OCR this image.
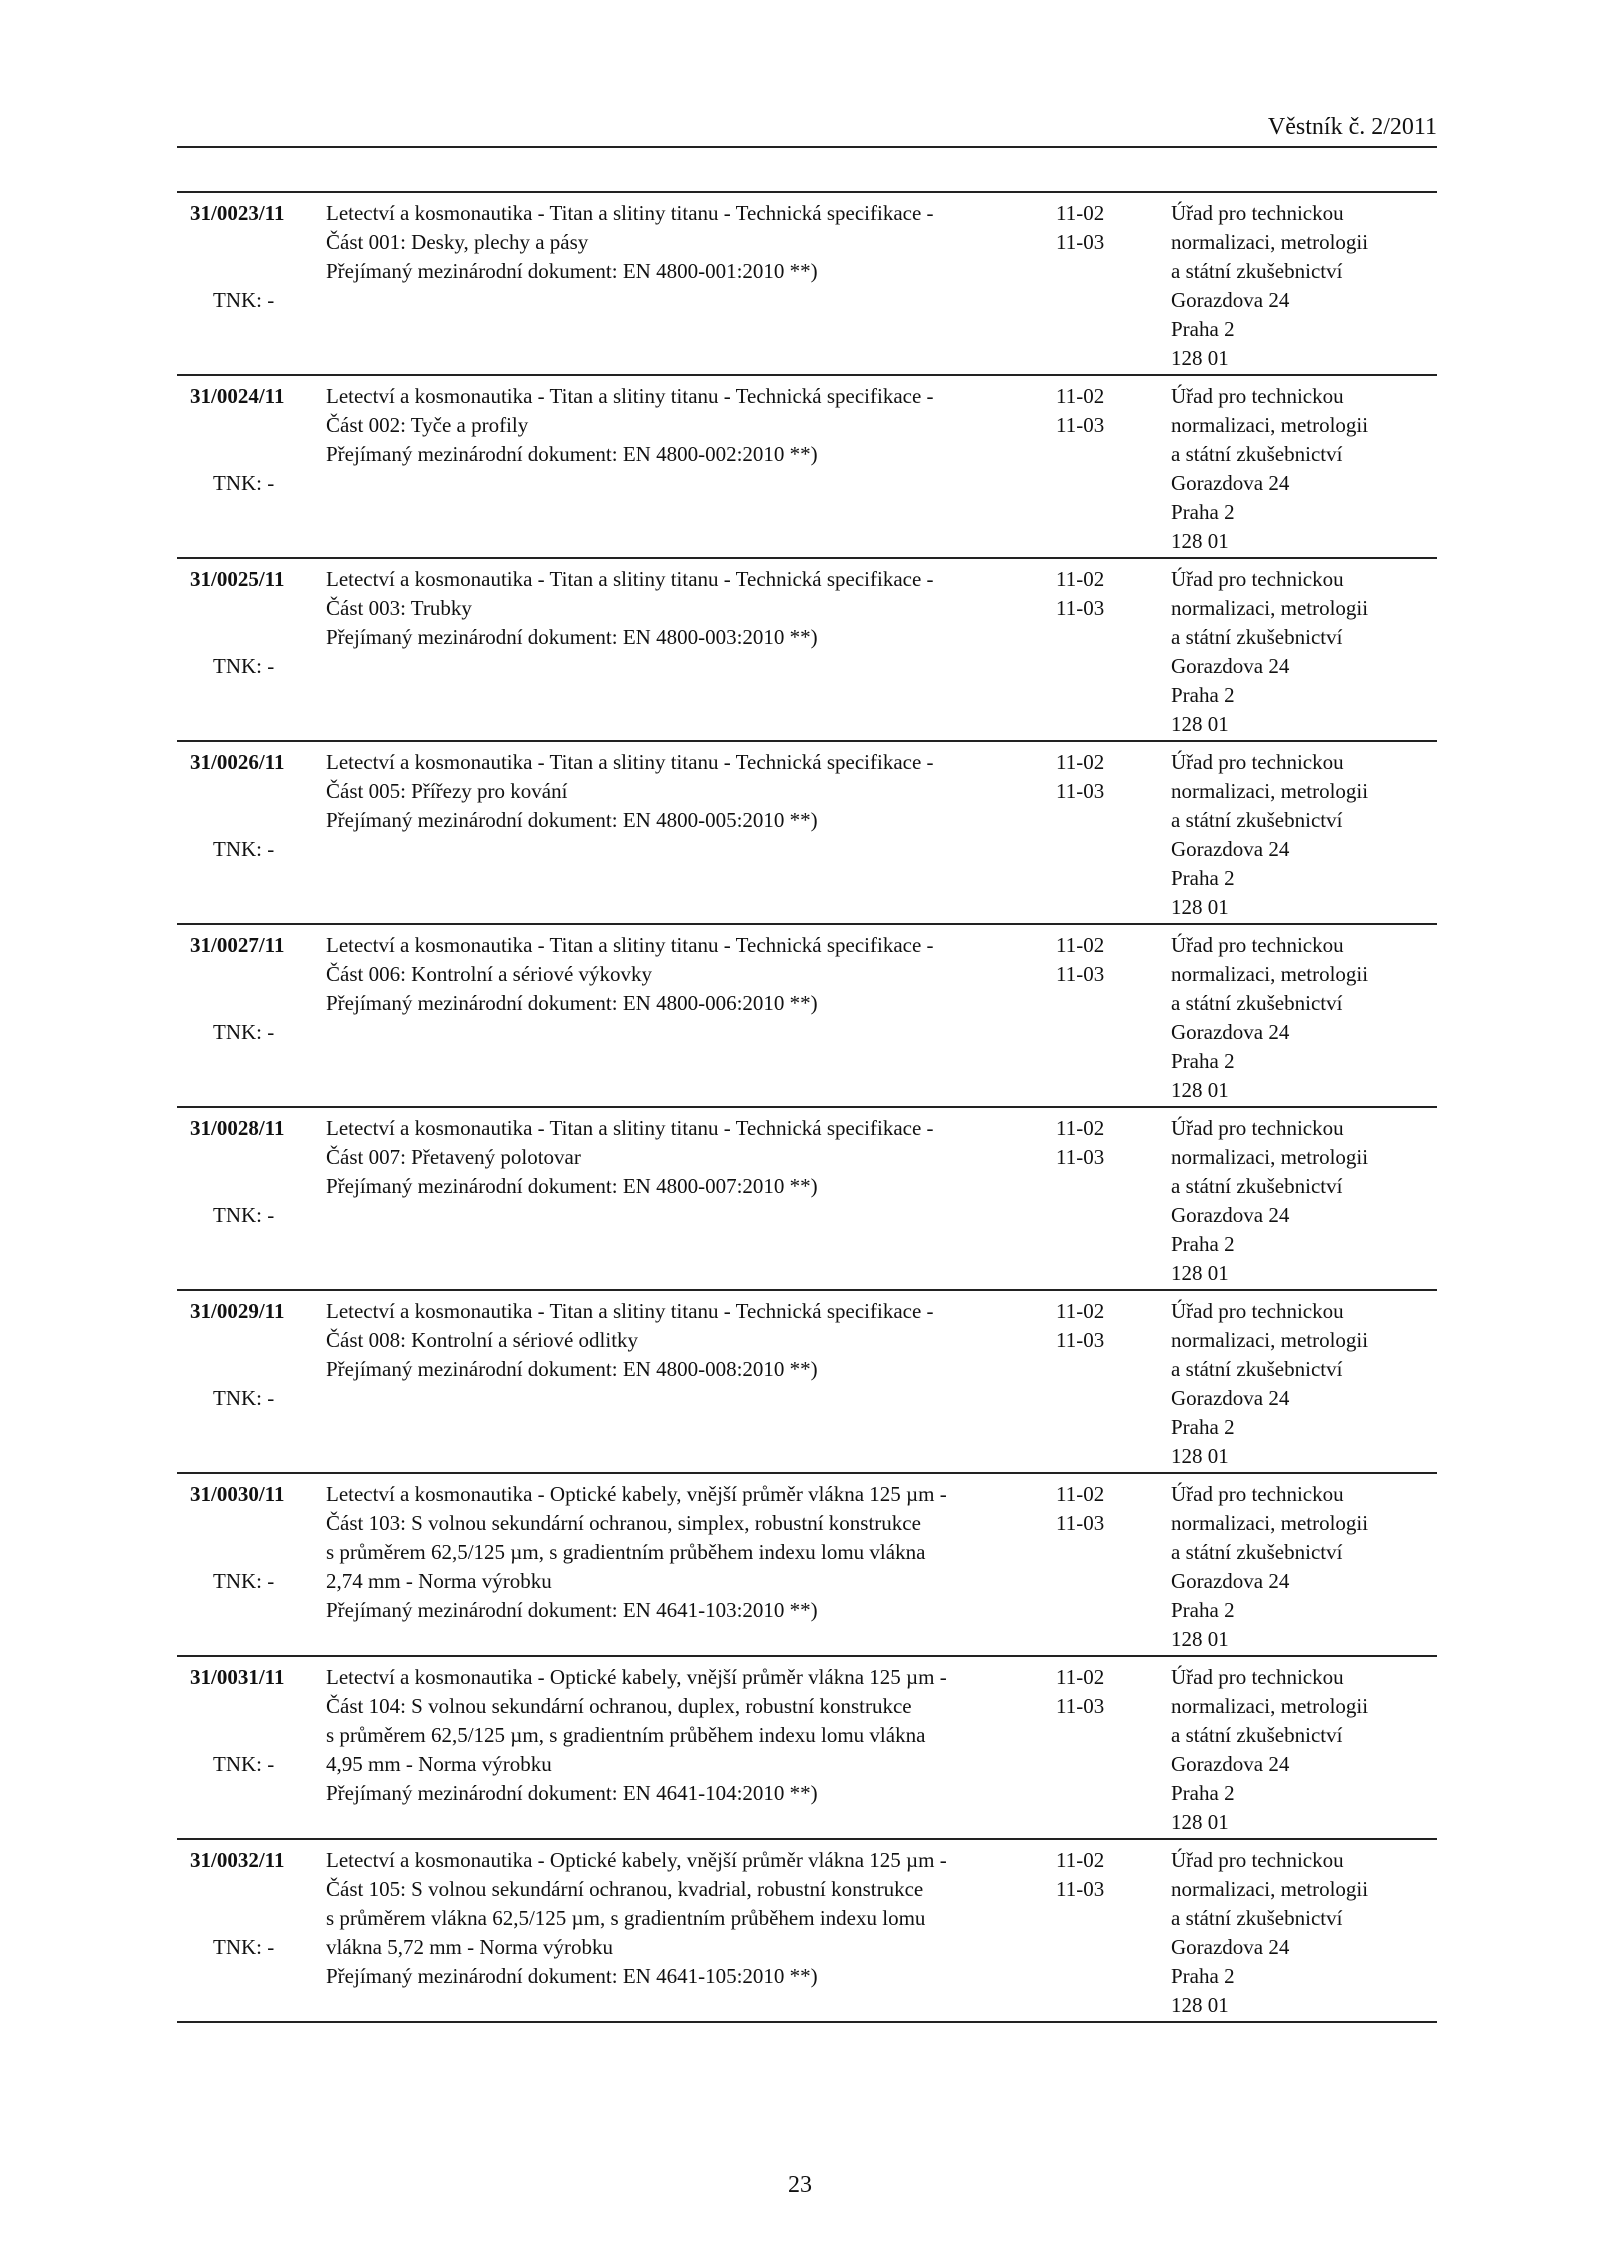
Věstník č. 2/2011
31/0023/11
TNK: -
Letectví a kosmonautika - Titan a slitiny titanu - Technická specifikace -
Část 001: Desky, plechy a pásy
Přejímaný mezinárodní dokument: EN 4800-001:2010 **)
11-02
11-03
Úřad pro technickou
normalizaci, metrologii
a státní zkušebnictví
Gorazdova 24
Praha 2
128 01
31/0024/11
TNK: -
Letectví a kosmonautika - Titan a slitiny titanu - Technická specifikace -
Část 002: Tyče a profily
Přejímaný mezinárodní dokument: EN 4800-002:2010 **)
11-02
11-03
Úřad pro technickou
normalizaci, metrologii
a státní zkušebnictví
Gorazdova 24
Praha 2
128 01
31/0025/11
TNK: -
Letectví a kosmonautika - Titan a slitiny titanu - Technická specifikace -
Část 003: Trubky
Přejímaný mezinárodní dokument: EN 4800-003:2010 **)
11-02
11-03
Úřad pro technickou
normalizaci, metrologii
a státní zkušebnictví
Gorazdova 24
Praha 2
128 01
31/0026/11
TNK: -
Letectví a kosmonautika - Titan a slitiny titanu - Technická specifikace -
Část 005: Přířezy pro kování
Přejímaný mezinárodní dokument: EN 4800-005:2010 **)
11-02
11-03
Úřad pro technickou
normalizaci, metrologii
a státní zkušebnictví
Gorazdova 24
Praha 2
128 01
31/0027/11
TNK: -
Letectví a kosmonautika - Titan a slitiny titanu - Technická specifikace -
Část 006: Kontrolní a sériové výkovky
Přejímaný mezinárodní dokument: EN 4800-006:2010 **)
11-02
11-03
Úřad pro technickou
normalizaci, metrologii
a státní zkušebnictví
Gorazdova 24
Praha 2
128 01
31/0028/11
TNK: -
Letectví a kosmonautika - Titan a slitiny titanu - Technická specifikace -
Část 007: Přetavený polotovar
Přejímaný mezinárodní dokument: EN 4800-007:2010 **)
11-02
11-03
Úřad pro technickou
normalizaci, metrologii
a státní zkušebnictví
Gorazdova 24
Praha 2
128 01
31/0029/11
TNK: -
Letectví a kosmonautika - Titan a slitiny titanu - Technická specifikace -
Část 008: Kontrolní a sériové odlitky
Přejímaný mezinárodní dokument: EN 4800-008:2010 **)
11-02
11-03
Úřad pro technickou
normalizaci, metrologii
a státní zkušebnictví
Gorazdova 24
Praha 2
128 01
31/0030/11
TNK: -
Letectví a kosmonautika - Optické kabely, vnější průměr vlákna 125 µm -
Část 103: S volnou sekundární ochranou, simplex, robustní konstrukce
s průměrem 62,5/125 µm, s gradientním průběhem indexu lomu vlákna
2,74 mm - Norma výrobku
Přejímaný mezinárodní dokument: EN 4641-103:2010 **)
11-02
11-03
Úřad pro technickou
normalizaci, metrologii
a státní zkušebnictví
Gorazdova 24
Praha 2
128 01
31/0031/11
TNK: -
Letectví a kosmonautika - Optické kabely, vnější průměr vlákna 125 µm -
Část 104: S volnou sekundární ochranou, duplex, robustní konstrukce
s průměrem 62,5/125 µm, s gradientním průběhem indexu lomu vlákna
4,95 mm - Norma výrobku
Přejímaný mezinárodní dokument: EN 4641-104:2010 **)
11-02
11-03
Úřad pro technickou
normalizaci, metrologii
a státní zkušebnictví
Gorazdova 24
Praha 2
128 01
31/0032/11
TNK: -
Letectví a kosmonautika - Optické kabely, vnější průměr vlákna 125 µm -
Část 105: S volnou sekundární ochranou, kvadrial, robustní konstrukce
s průměrem vlákna 62,5/125 µm, s gradientním průběhem indexu lomu
vlákna 5,72 mm - Norma výrobku
Přejímaný mezinárodní dokument: EN 4641-105:2010 **)
11-02
11-03
Úřad pro technickou
normalizaci, metrologii
a státní zkušebnictví
Gorazdova 24
Praha 2
128 01
23
